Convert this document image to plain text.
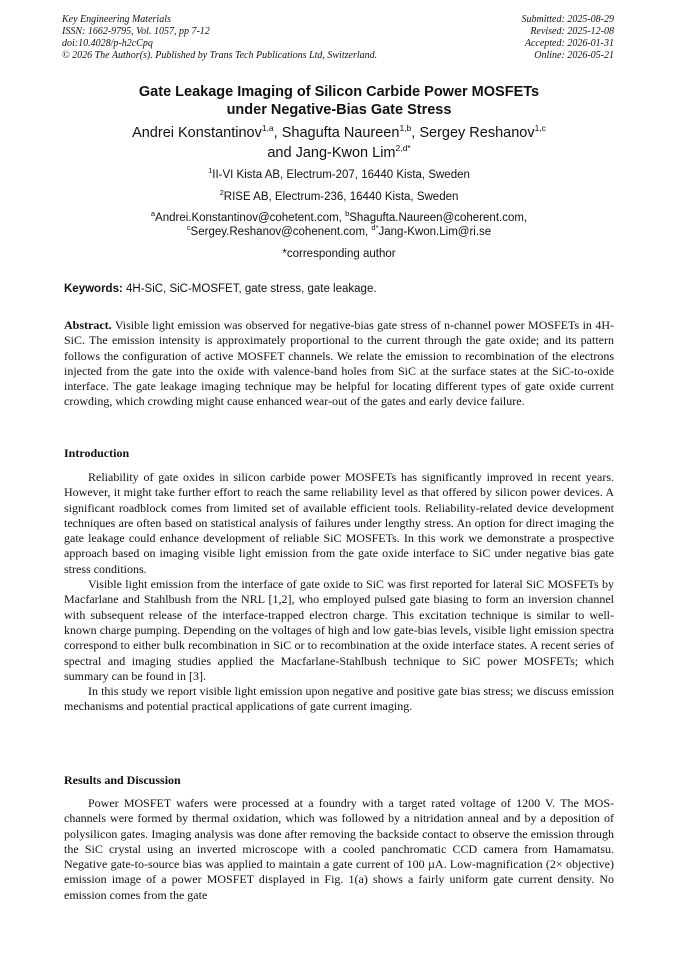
Key Engineering Materials
ISSN: 1662-9795, Vol. 1057, pp 7-12
doi:10.4028/p-h2cCpq
© 2026 The Author(s). Published by Trans Tech Publications Ltd, Switzerland.
Submitted: 2025-08-29
Revised: 2025-12-08
Accepted: 2026-01-31
Online: 2026-05-21
Gate Leakage Imaging of Silicon Carbide Power MOSFETs
under Negative-Bias Gate Stress
Andrei Konstantinov$^{1,a}$, Shagufta Naureen$^{1,b}$, Sergey Reshanov$^{1,c}$
and Jang-Kwon Lim$^{2,d*}$
$^1$II-VI Kista AB, Electrum-207, 16440 Kista, Sweden
$^2$RISE AB, Electrum-236, 16440 Kista, Sweden
$^a$Andrei.Konstantinov@cohetent.com, $^b$Shagufta.Naureen@coherent.com,
$^c$Sergey.Reshanov@cohenent.com, $^{d*}$Jang-Kwon.Lim@ri.se
*corresponding author
Keywords: 4H-SiC, SiC-MOSFET, gate stress, gate leakage.

Abstract. Visible light emission was observed for negative-bias gate stress of n-channel power MOSFETs in 4H-SiC. The emission intensity is approximately proportional to the current through the gate oxide; and its pattern follows the configuration of active MOSFET channels. We relate the emission to recombination of the electrons injected from the gate into the oxide with valence-band holes from SiC at the surface states at the SiC-to-oxide interface. The gate leakage imaging technique may be helpful for locating different types of gate oxide current crowding, which crowding might cause enhanced wear-out of the gates and early device failure.

Introduction

Reliability of gate oxides in silicon carbide power MOSFETs has significantly improved in recent years. However, it might take further effort to reach the same reliability level as that offered by silicon power devices. A significant roadblock comes from limited set of available efficient tools. Reliability-related device development techniques are often based on statistical analysis of failures under lengthy stress. An option for direct imaging the gate leakage could enhance development of reliable SiC MOSFETs. In this work we demonstrate a prospective approach based on imaging visible light emission from the gate oxide interface to SiC under negative bias gate stress conditions.

Visible light emission from the interface of gate oxide to SiC was first reported for lateral SiC MOSFETs by Macfarlane and Stahlbush from the NRL [1,2], who employed pulsed gate biasing to form an inversion channel with subsequent release of the interface-trapped electron charge. This excitation technique is similar to well-known charge pumping. Depending on the voltages of high and low gate-bias levels, visible light emission spectra correspond to either bulk recombination in SiC or to recombination at the oxide interface states. A recent series of spectral and imaging studies applied the Macfarlane-Stahlbush technique to SiC power MOSFETs; which summary can be found in [3].

In this study we report visible light emission upon negative and positive gate bias stress; we discuss emission mechanisms and potential practical applications of gate current imaging.

Results and Discussion

Power MOSFET wafers were processed at a foundry with a target rated voltage of 1200 V. The MOS-channels were formed by thermal oxidation, which was followed by a nitridation anneal and by a deposition of polysilicon gates. Imaging analysis was done after removing the backside contact to observe the emission through the SiC crystal using an inverted microscope with a cooled panchromatic CCD camera from Hamamatsu. Negative gate-to-source bias was applied to maintain a gate current of 100 µA. Low-magnification (2× objective) emission image of a power MOSFET displayed in Fig. 1(a) shows a fairly uniform gate current density. No emission comes from the gate
